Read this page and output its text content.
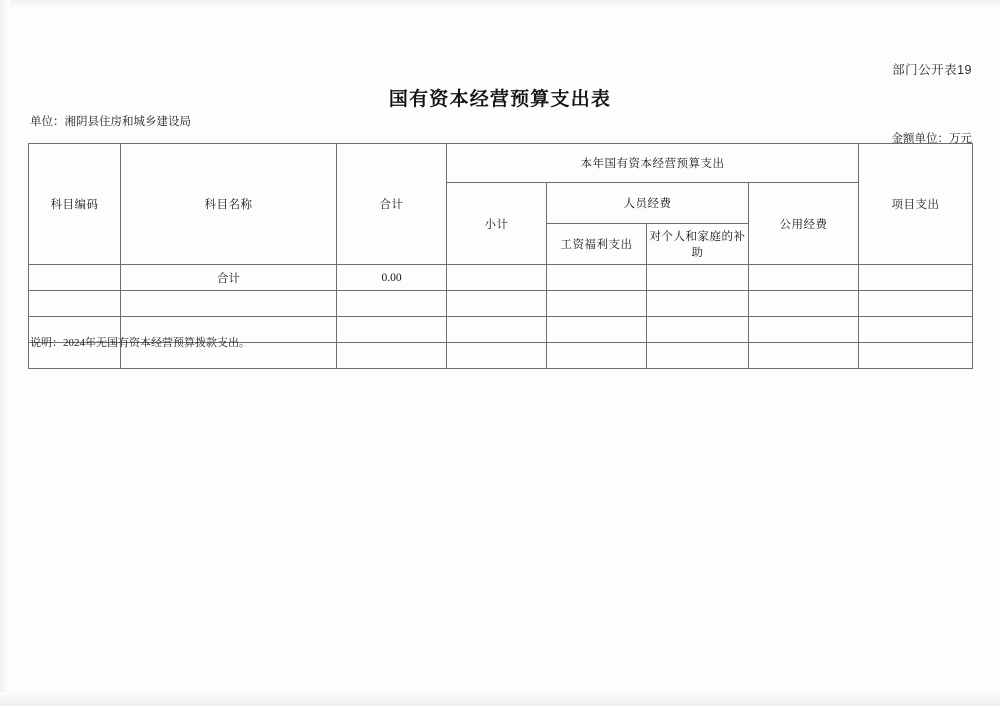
部门公开表19
国有资本经营预算支出表
单位：湘阴县住房和城乡建设局
金额单位：万元
科目编码	科目名称	合计	本年国有资本经营预算支出				项目支出
			小计	人员经费		公用经费	
				工资福利支出	对个人和家庭的补助		
	合计	0.00					

说明：2024年无国有资本经营预算拨款支出。
